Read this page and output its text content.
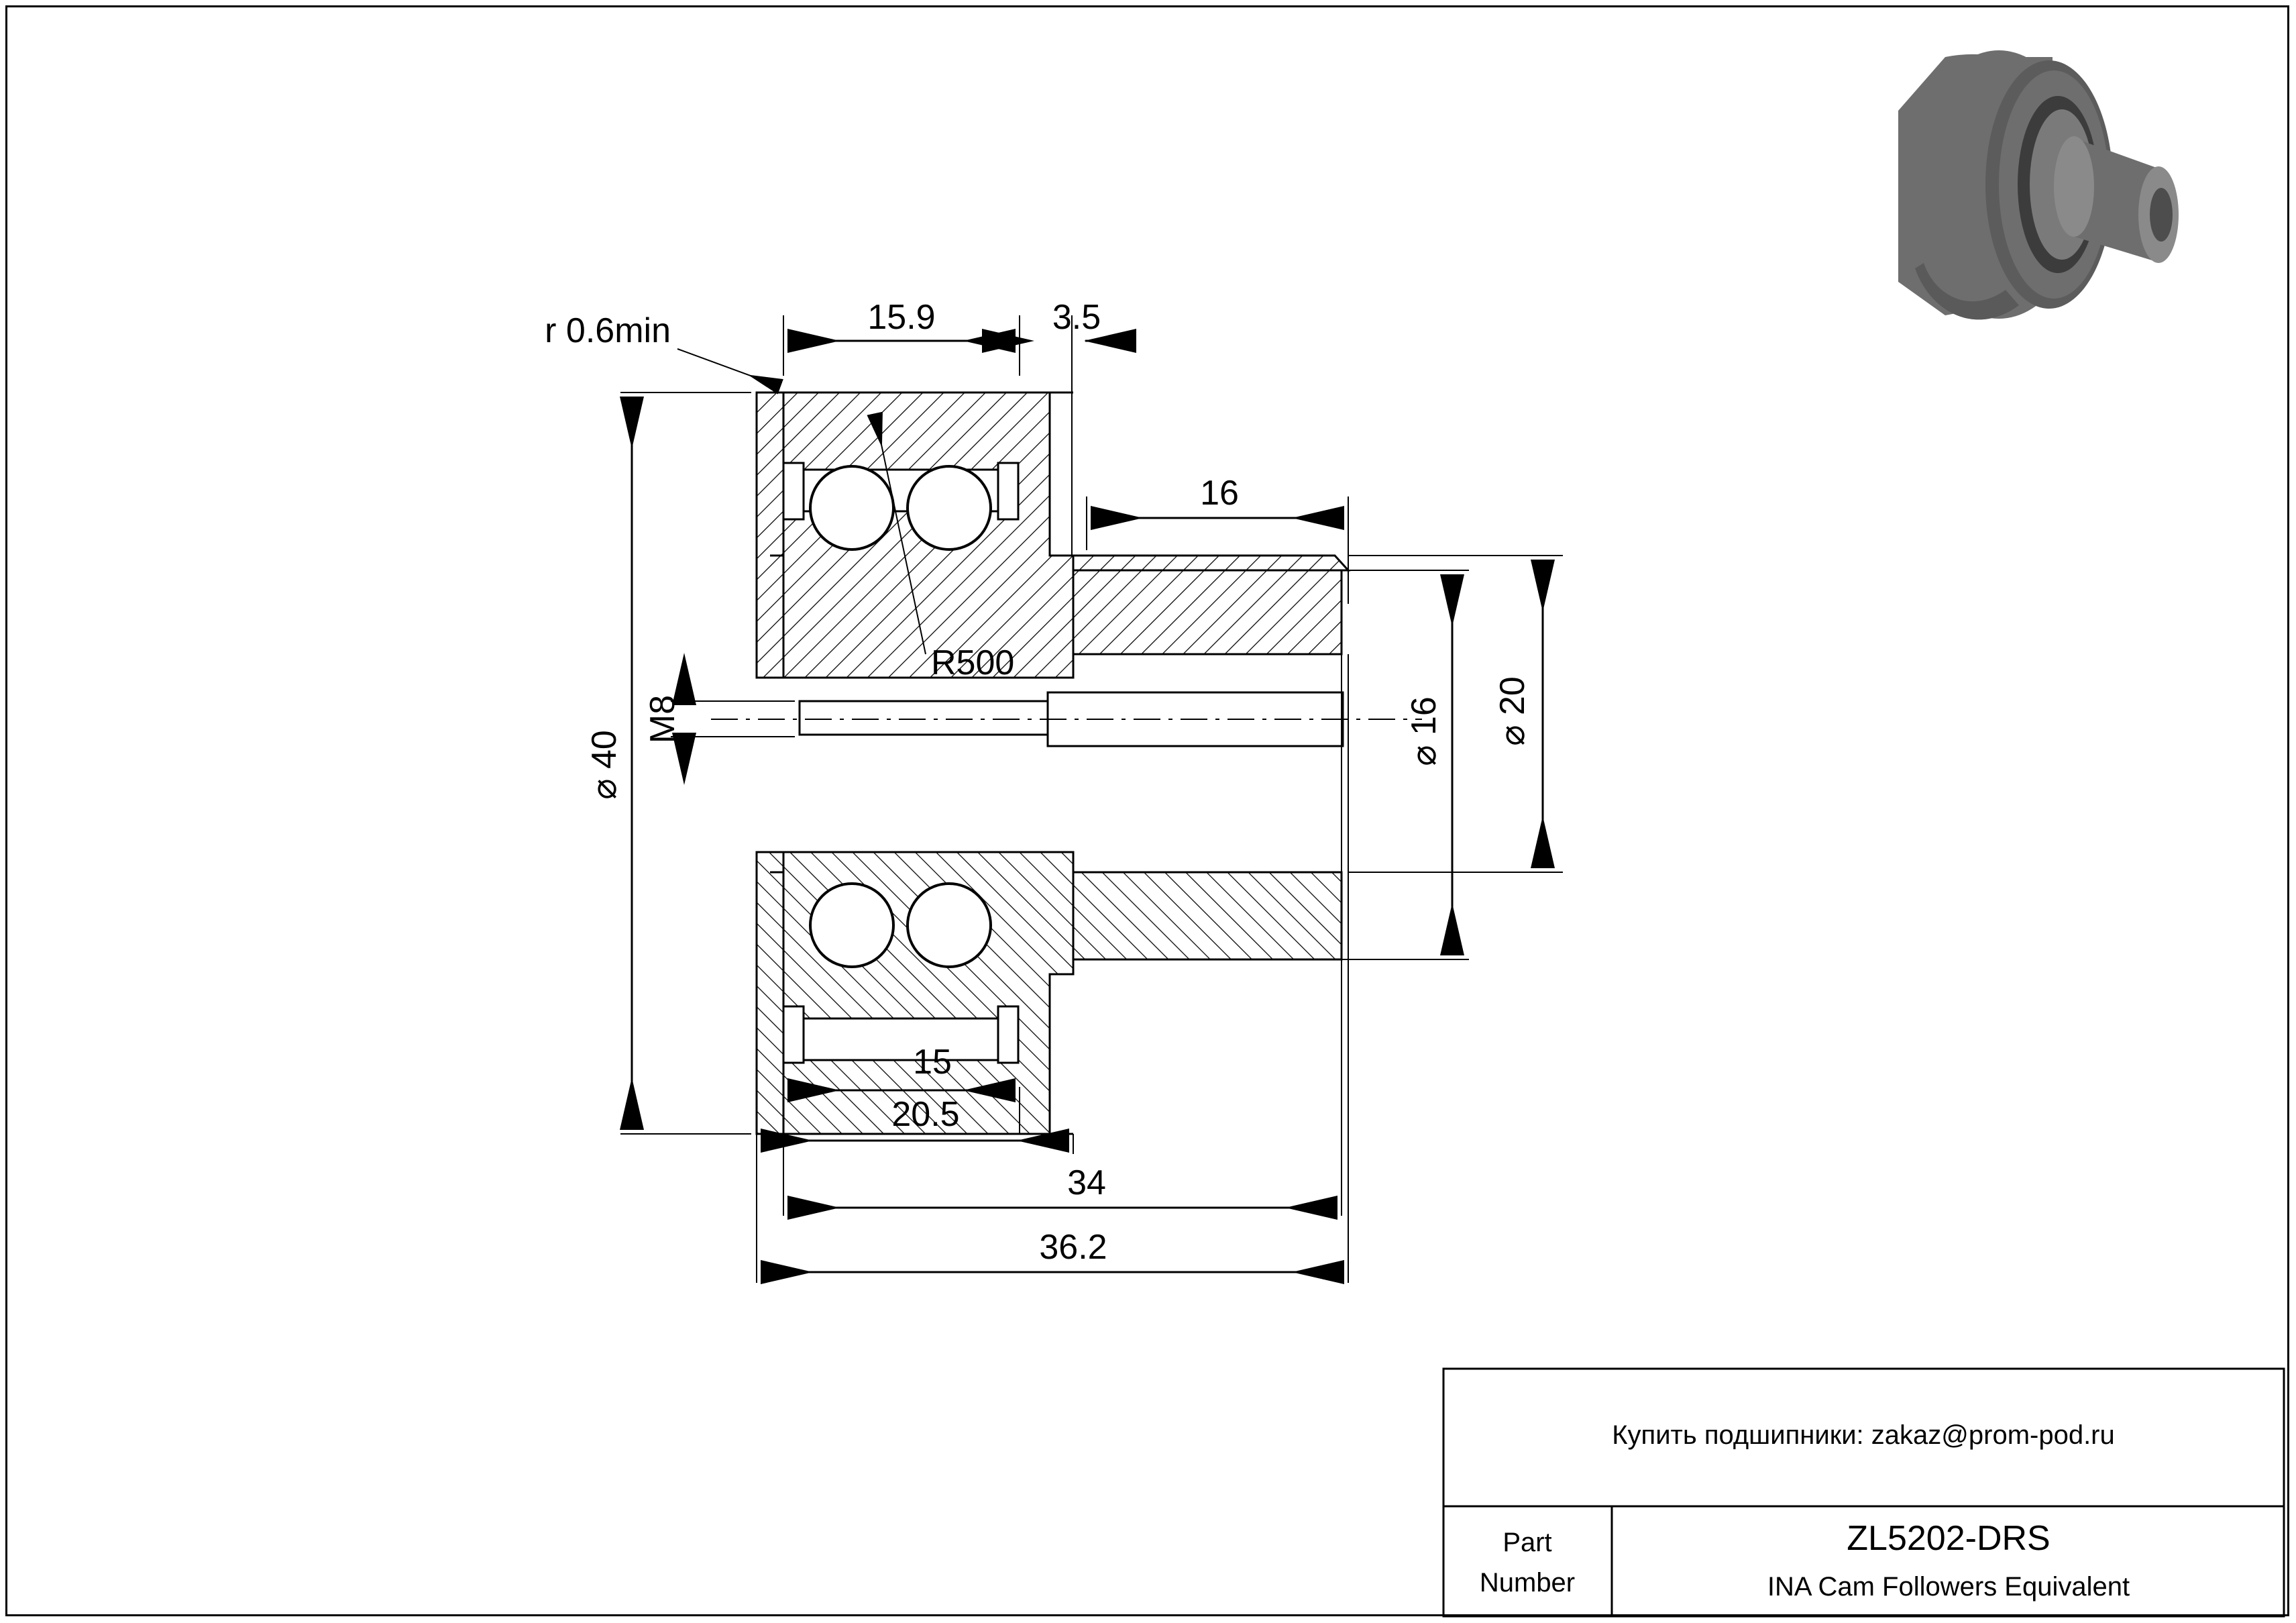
15.9	3.5
16
r 0.6min
R500
M8
⌀ 40	⌀ 16 ⌀ 20
15
20.5
34
36.2
Купить подшипники: zakaz@prom-pod.ru
Part
Number
ZL5202-DRS
INA Cam Followers Equivalent
